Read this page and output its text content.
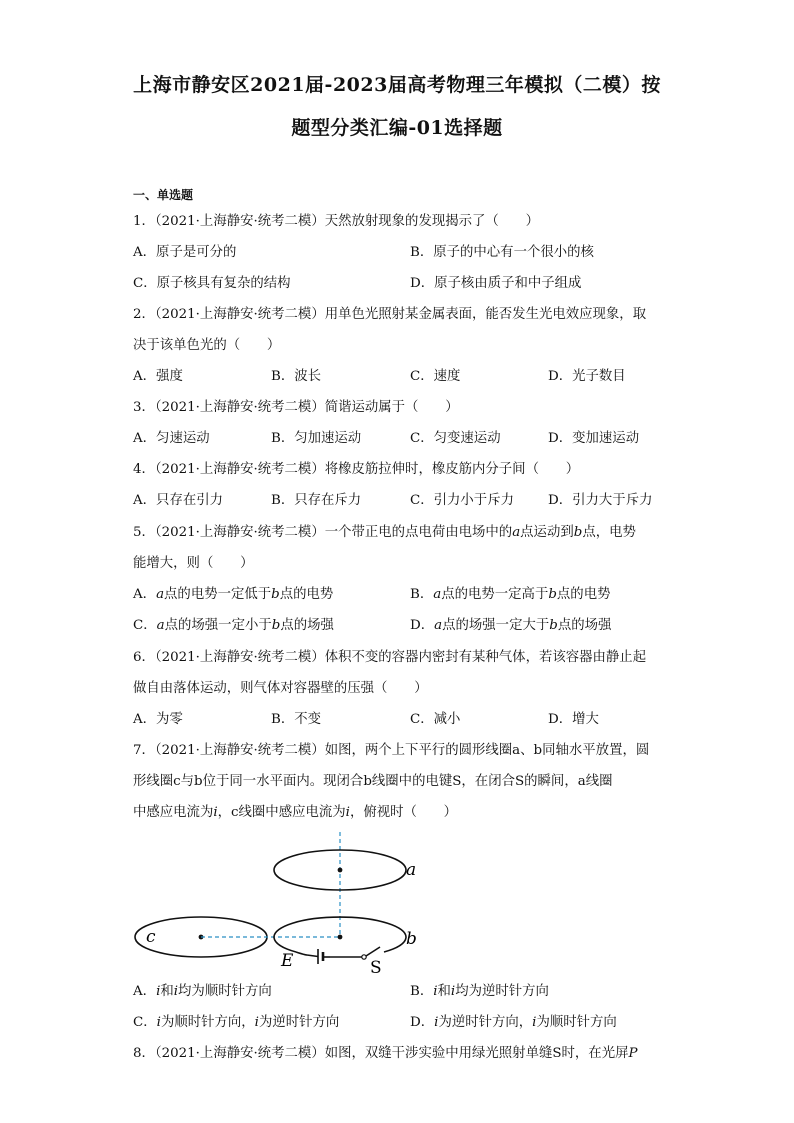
上海市静安区2021届-2023届高考物理三年模拟（二模）按
题型分类汇编-01选择题
一、单选题
1．（2021·上海静安·统考二模）天然放射现象的发现揭示了（　　）
A．原子是可分的	B．原子的中心有一个很小的核
C．原子核具有复杂的结构	D．原子核由质子和中子组成
2．（2021·上海静安·统考二模）用单色光照射某金属表面，能否发生光电效应现象，取
决于该单色光的（　　）
A．强度	B．波长	C．速度	D．光子数目
3．（2021·上海静安·统考二模）简谐运动属于（　　）
A．匀速运动	B．匀加速运动	C．匀变速运动	D．变加速运动
4．（2021·上海静安·统考二模）将橡皮筋拉伸时，橡皮筋内分子间（　　）
A．只存在引力	B．只存在斥力	C．引力小于斥力	D．引力大于斥力
5．（2021·上海静安·统考二模）一个带正电的点电荷由电场中的a点运动到b点，电势
能增大，则（　　）
A．a点的电势一定低于b点的电势	B．a点的电势一定高于b点的电势
C．a点的场强一定小于b点的场强	D．a点的场强一定大于b点的场强
6．（2021·上海静安·统考二模）体积不变的容器内密封有某种气体，若该容器由静止起
做自由落体运动，则气体对容器壁的压强（　　）
A．为零	B．不变	C．减小	D．增大
7．（2021·上海静安·统考二模）如图，两个上下平行的圆形线圈a、b同轴水平放置，圆
形线圈c与b位于同一水平面内。现闭合b线圈中的电键S，在闭合S的瞬间，a线圈
中感应电流为i，c线圈中感应电流为i，俯视时（　　）
a
b
c
E	S
A．i和i均为顺时针方向	B．i和i均为逆时针方向
C．i为顺时针方向，i为逆时针方向	D．i为逆时针方向，i为顺时针方向
8．（2021·上海静安·统考二模）如图，双缝干涉实验中用绿光照射单缝S时，在光屏P
